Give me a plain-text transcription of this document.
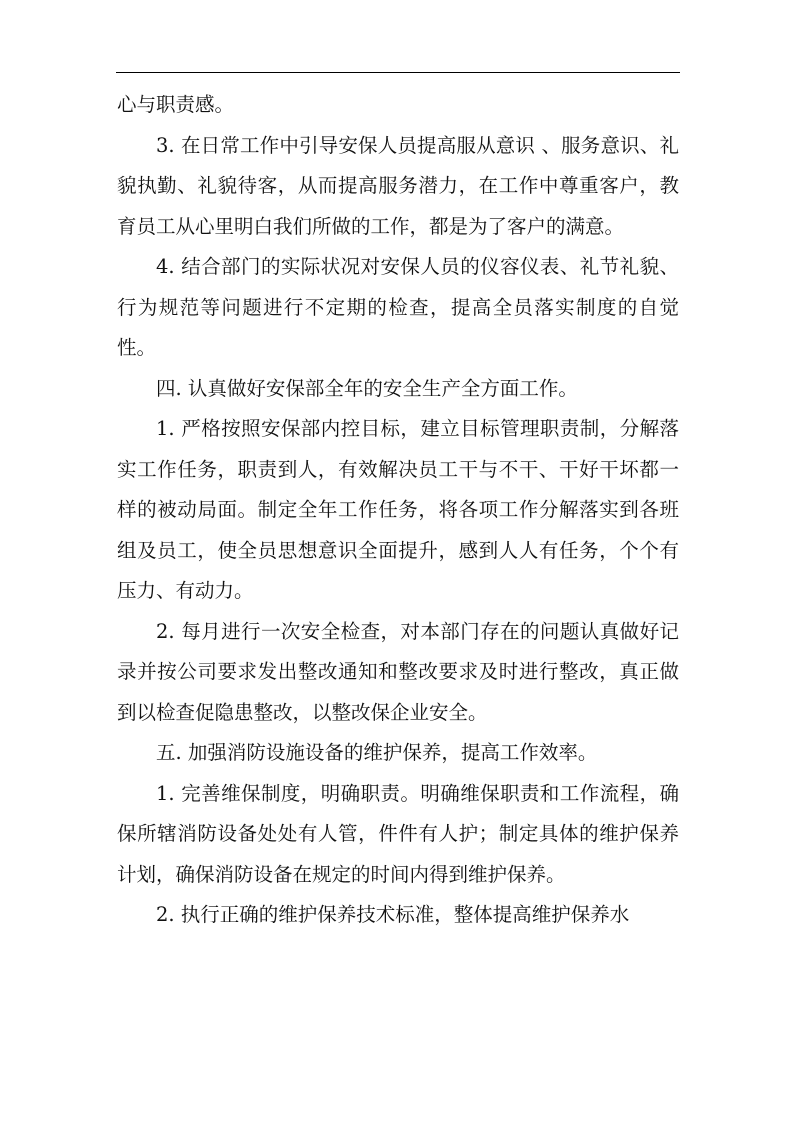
心与职责感。

3. 在日常工作中引导安保人员提高服从意识 、服务意识、礼貌执勤、礼貌待客，从而提高服务潜力，在工作中尊重客户，教育员工从心里明白我们所做的工作，都是为了客户的满意。

4. 结合部门的实际状况对安保人员的仪容仪表、礼节礼貌、行为规范等问题进行不定期的检查，提高全员落实制度的自觉性。

四. 认真做好安保部全年的安全生产全方面工作。

1. 严格按照安保部内控目标，建立目标管理职责制，分解落实工作任务，职责到人，有效解决员工干与不干、干好干坏都一样的被动局面。制定全年工作任务，将各项工作分解落实到各班组及员工，使全员思想意识全面提升，感到人人有任务，个个有压力、有动力。

2. 每月进行一次安全检查，对本部门存在的问题认真做好记录并按公司要求发出整改通知和整改要求及时进行整改，真正做到以检查促隐患整改，以整改保企业安全。

五. 加强消防设施设备的维护保养，提高工作效率。

1. 完善维保制度，明确职责。明确维保职责和工作流程，确保所辖消防设备处处有人管，件件有人护；制定具体的维护保养计划，确保消防设备在规定的时间内得到维护保养。

2. 执行正确的维护保养技术标准，整体提高维护保养水
